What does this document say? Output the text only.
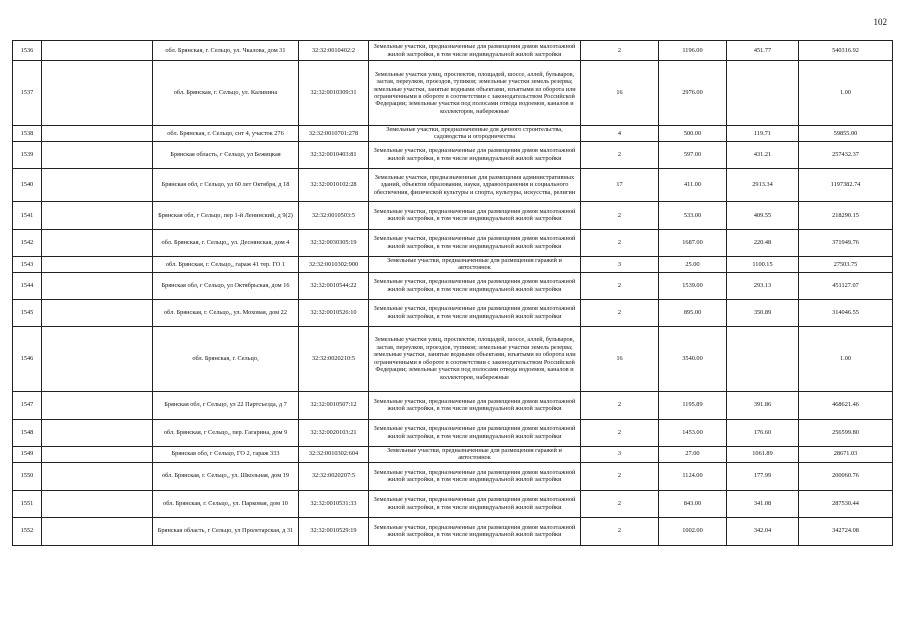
102
1536		обл. Брянская, г. Сельцо, ул. Чкалова, дом 31	32:32:0010402:2	Земельные участки, предназначенные для размещения домов малоэтажной жилой застройки, в том числе индивидуальной жилой застройки	2	1196.00	451.77	540316.92
1537		обл. Брянская, г. Сельцо, ул. Калинина	32:32:0010309:31	Земельные участки улиц, проспектов, площадей, шоссе, аллей, бульваров, застав, переулков, проездов, тупиков; земельные участки земель резерва; земельные участки, занятые водными объектами, изъятыми из оборота или ограниченными в обороте в соответствии с законодательством Российской Федерации; земельные участки под полосами отвода водоемов, каналов и коллекторов, набережные	16	2976.00		1.00
1538		обл. Брянская, г. Сельцо, снт 4, участок 276	32:32:0010701:278	Земельные участки, предназначенные для дачного строительства, садоводства и огородничества	4	500.00	119.71	59855.00
1539		Брянская область, г Сельцо, ул Бежицкая	32:32:0010403:81	Земельные участки, предназначенные для размещения домов малоэтажной жилой застройки, в том числе индивидуальной жилой застройки	2	597.00	431.21	257432.37
1540		Брянская обл, г Сельцо, ул 60 лет Октября, д 18	32:32:0010102:28	Земельные участки, предназначенные для размещения административных зданий, объектов образования, науки, здравоохранения и социального обеспечения, физической культуры и спорта, культуры, искусства, религии	17	411.00	2913.34	1197382.74
1541		Брянская обл, г Сельцо, пер 1-й Ленинский, д 9(2)	32:32:0010503:5	Земельные участки, предназначенные для размещения домов малоэтажной жилой застройки, в том числе индивидуальной жилой застройки	2	533.00	409.55	218290.15
1542		обл. Брянская, г. Сельцо,, ул. Деснянская, дом 4	32:32:0030305:19	Земельные участки, предназначенные для размещения домов малоэтажной жилой застройки, в том числе индивидуальной жилой застройки	2	1687.00	220.48	371949.76
1543		обл. Брянская, г. Сельцо,, гараж 41 тер. ГО 1	32:32:0010302:900	Земельные участки, предназначенные для размещения гаражей и автостоянок	3	25.00	1100.15	27503.75
1544		Брянская обл, г Сельцо, ул Октябрьская, дом 16	32:32:0010544:22	Земельные участки, предназначенные для размещения домов малоэтажной жилой застройки, в том числе индивидуальной жилой застройки	2	1539.00	293.13	451127.07
1545		обл. Брянская, г. Сельцо,, ул. Моховая, дом 22	32:32:0010526:10	Земельные участки, предназначенные для размещения домов малоэтажной жилой застройки, в том числе индивидуальной жилой застройки	2	895.00	350.89	314046.55
1546		обл. Брянская, г. Сельцо,	32:32:0020210:5	Земельные участки улиц, проспектов, площадей, шоссе, аллей, бульваров, застав, переулков, проездов, тупиков; земельные участки земель резерва; земельные участки, занятые водными объектами, изъятыми из оборота или ограниченными в обороте в соответствии с законодательством Российской Федерации; земельные участки под полосами отвода водоемов, каналов и коллекторов, набережные	16	3540.00		1.00
1547		Брянская обл, г Сельцо, ул 22 Партсъезда, д 7	32:32:0010507:12	Земельные участки, предназначенные для размещения домов малоэтажной жилой застройки, в том числе индивидуальной жилой застройки	2	1195.89	391.86	468621.46
1548		обл. Брянская, г Сельцо,, пер. Гагарина, дом 9	32:32:0020103:21	Земельные участки, предназначенные для размещения домов малоэтажной жилой застройки, в том числе индивидуальной жилой застройки	2	1453.00	176.60	256599.80
1549		Брянская обл, г Сельцо, ГО 2, гараж 333	32:32:0010302:604	Земельные участки, предназначенные для размещения гаражей и автостоянок	3	27.00	1061.89	28671.03
1550		обл. Брянская, г. Сельцо,, ул. Школьная, дом 19	32:32:0020207:5	Земельные участки, предназначенные для размещения домов малоэтажной жилой застройки, в том числе индивидуальной жилой застройки	2	1124.00	177.99	200060.76
1551		обл. Брянская, г. Сельцо,, ул. Парковая, дом 10	32:32:0010531:33	Земельные участки, предназначенные для размещения домов малоэтажной жилой застройки, в том числе индивидуальной жилой застройки	2	843.00	341.08	287530.44
1552		Брянская область, г Сельцо, ул Пролетарская, д 31	32:32:0010529:19	Земельные участки, предназначенные для размещения домов малоэтажной жилой застройки, в том числе индивидуальной жилой застройки	2	1002.00	342.04	342724.08
